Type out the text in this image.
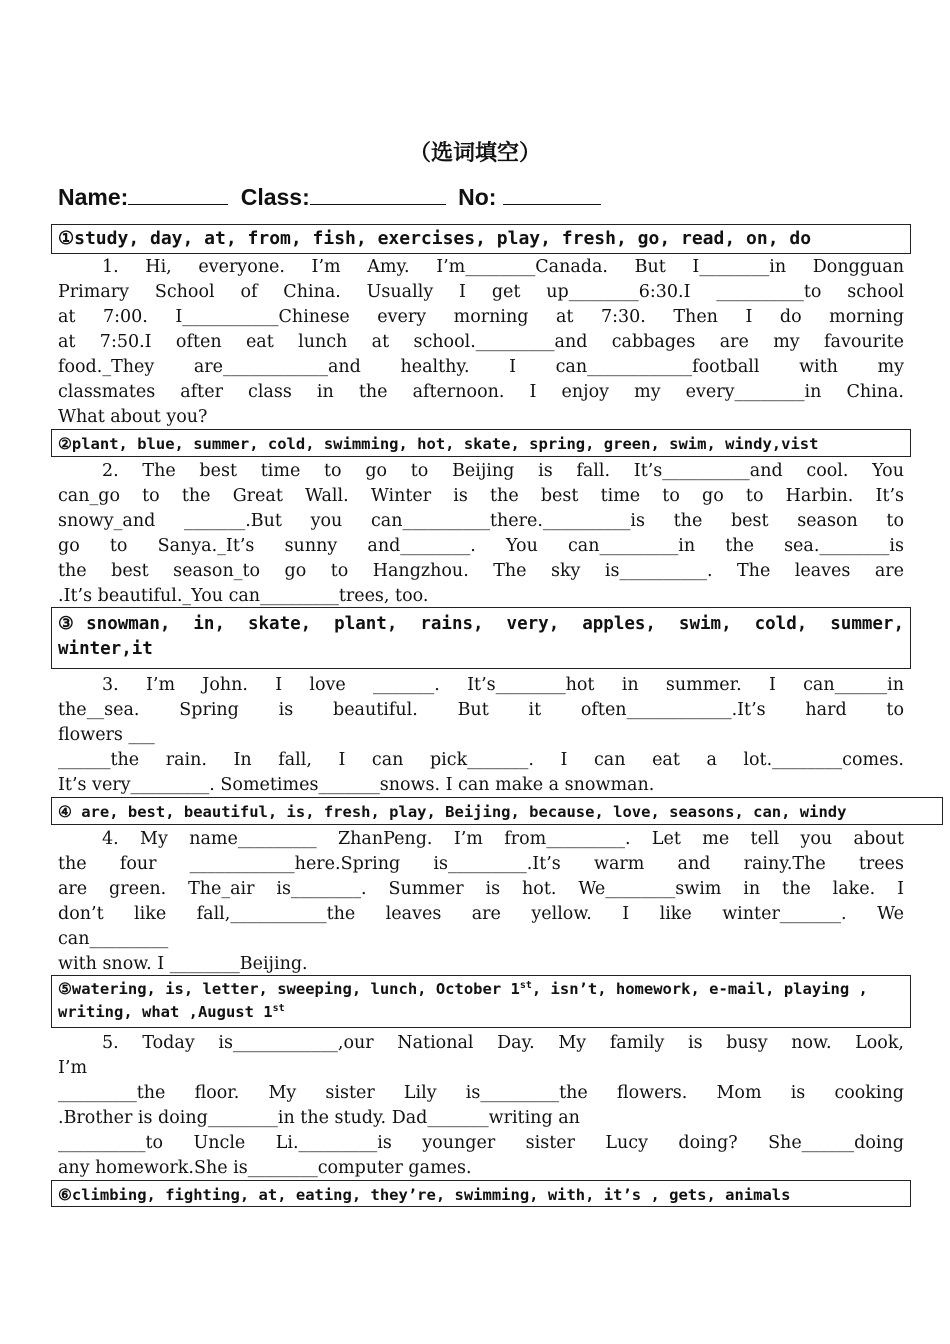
（选词填空）
Name:	Class:	No:
①study, day, at, from, fish, exercises, play, fresh, go, read, on, do
1. Hi, everyone. I’m Amy. I’m________Canada. But I________in Dongguan
Primary School of China. Usually I get up________6:30.I __________to school
at 7:00. I___________Chinese every morning at 7:30. Then I do morning
at 7:50.I often eat lunch at school._________and cabbages are my favourite
food._They are____________and healthy. I can____________football with my
classmates after class in the afternoon. I enjoy my every________in China.
What about you?
②plant, blue, summer, cold, swimming, hot, skate, spring, green, swim, windy,vist
2. The best time to go to Beijing is fall. It’s__________and cool. You
can_go to the Great Wall. Winter is the best time to go to Harbin. It’s
snowy_and _______.But you can__________there.__________is the best season to
go to Sanya._It’s sunny and________. You can_________in the sea.________is
the best season_to go to Hangzhou. The sky is__________. The leaves are
.It’s beautiful._You can_________trees, too.
③snowman, in, skate, plant, rains, very, apples, swim, cold, summer,
winter,it
3. I’m John. I love _______. It’s________hot in summer. I can______in
the__sea. Spring is beautiful. But it often____________.It’s hard to
flowers ___
______the rain. In fall, I can pick_______. I can eat a lot.________comes.
It’s very_________. Sometimes_______snows. I can make a snowman.
④ are, best, beautiful, is, fresh, play, Beijing, because, love, seasons, can, windy
4. My name_________ ZhanPeng. I’m from_________. Let me tell you about
the four ____________here.Spring is_________.It’s warm and rainy.The trees
are green. The_air is________. Summer is hot. We________swim in the lake. I
don’t like fall,___________the leaves are yellow. I like winter_______. We
can_________
with snow. I ________Beijing.
⑤watering, is, letter, sweeping, lunch, October 1st, isn’t, homework, e-mail, playing ,
writing, what ,August 1st
5. Today is____________,our National Day. My family is busy now. Look,
I’m
_________the floor. My sister Lily is_________the flowers. Mom is cooking
.Brother is doing________in the study. Dad_______writing an
__________to Uncle Li._________is younger sister Lucy doing? She______doing
any homework.She is________computer games.
⑥climbing, fighting, at, eating, they’re, swimming, with, it’s , gets, animals
